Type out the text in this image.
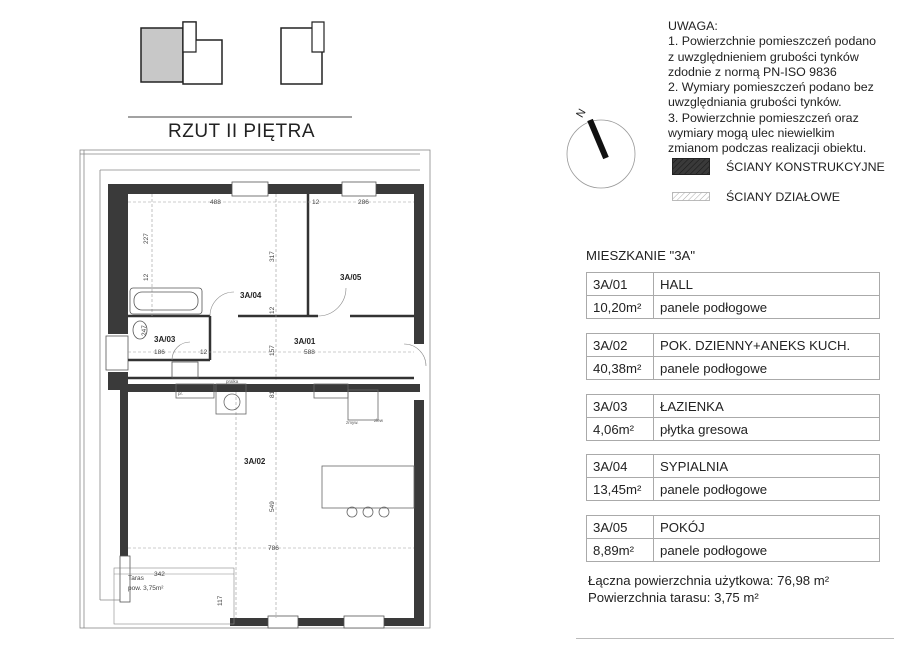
3A/04
3A/05
3A/03	3A/01
3A/02
488
227
317
12
12
12	286
247
186	12	157	588
81
549
786
342
117
pralka
pr.
zmyw.	zlew
Taras
pow. 3,75m²
N
RZUT II PIĘTRA
UWAGA:
1. Powierzchnie pomieszczeń podano
z uwzględnieniem grubości tynków
zdodnie z normą PN-ISO 9836
2. Wymiary pomieszczeń podano bez
uwzględniania grubości tynków.
3. Powierzchnie pomieszczeń oraz
wymiary mogą ulec niewielkim
zmianom podczas realizacji obiektu.
ŚCIANY KONSTRUKCYJNE
ŚCIANY DZIAŁOWE
MIESZKANIE "3A"
3A/01	HALL
10,20m²	panele podłogowe
3A/02	POK. DZIENNY+ANEKS KUCH.
40,38m²	panele podłogowe
3A/03	ŁAZIENKA
4,06m²	płytka gresowa
3A/04	SYPIALNIA
13,45m²	panele podłogowe
3A/05	POKÓJ
8,89m²	panele podłogowe
Łączna powierzchnia użytkowa: 76,98 m²
Powierzchnia tarasu: 3,75 m²
